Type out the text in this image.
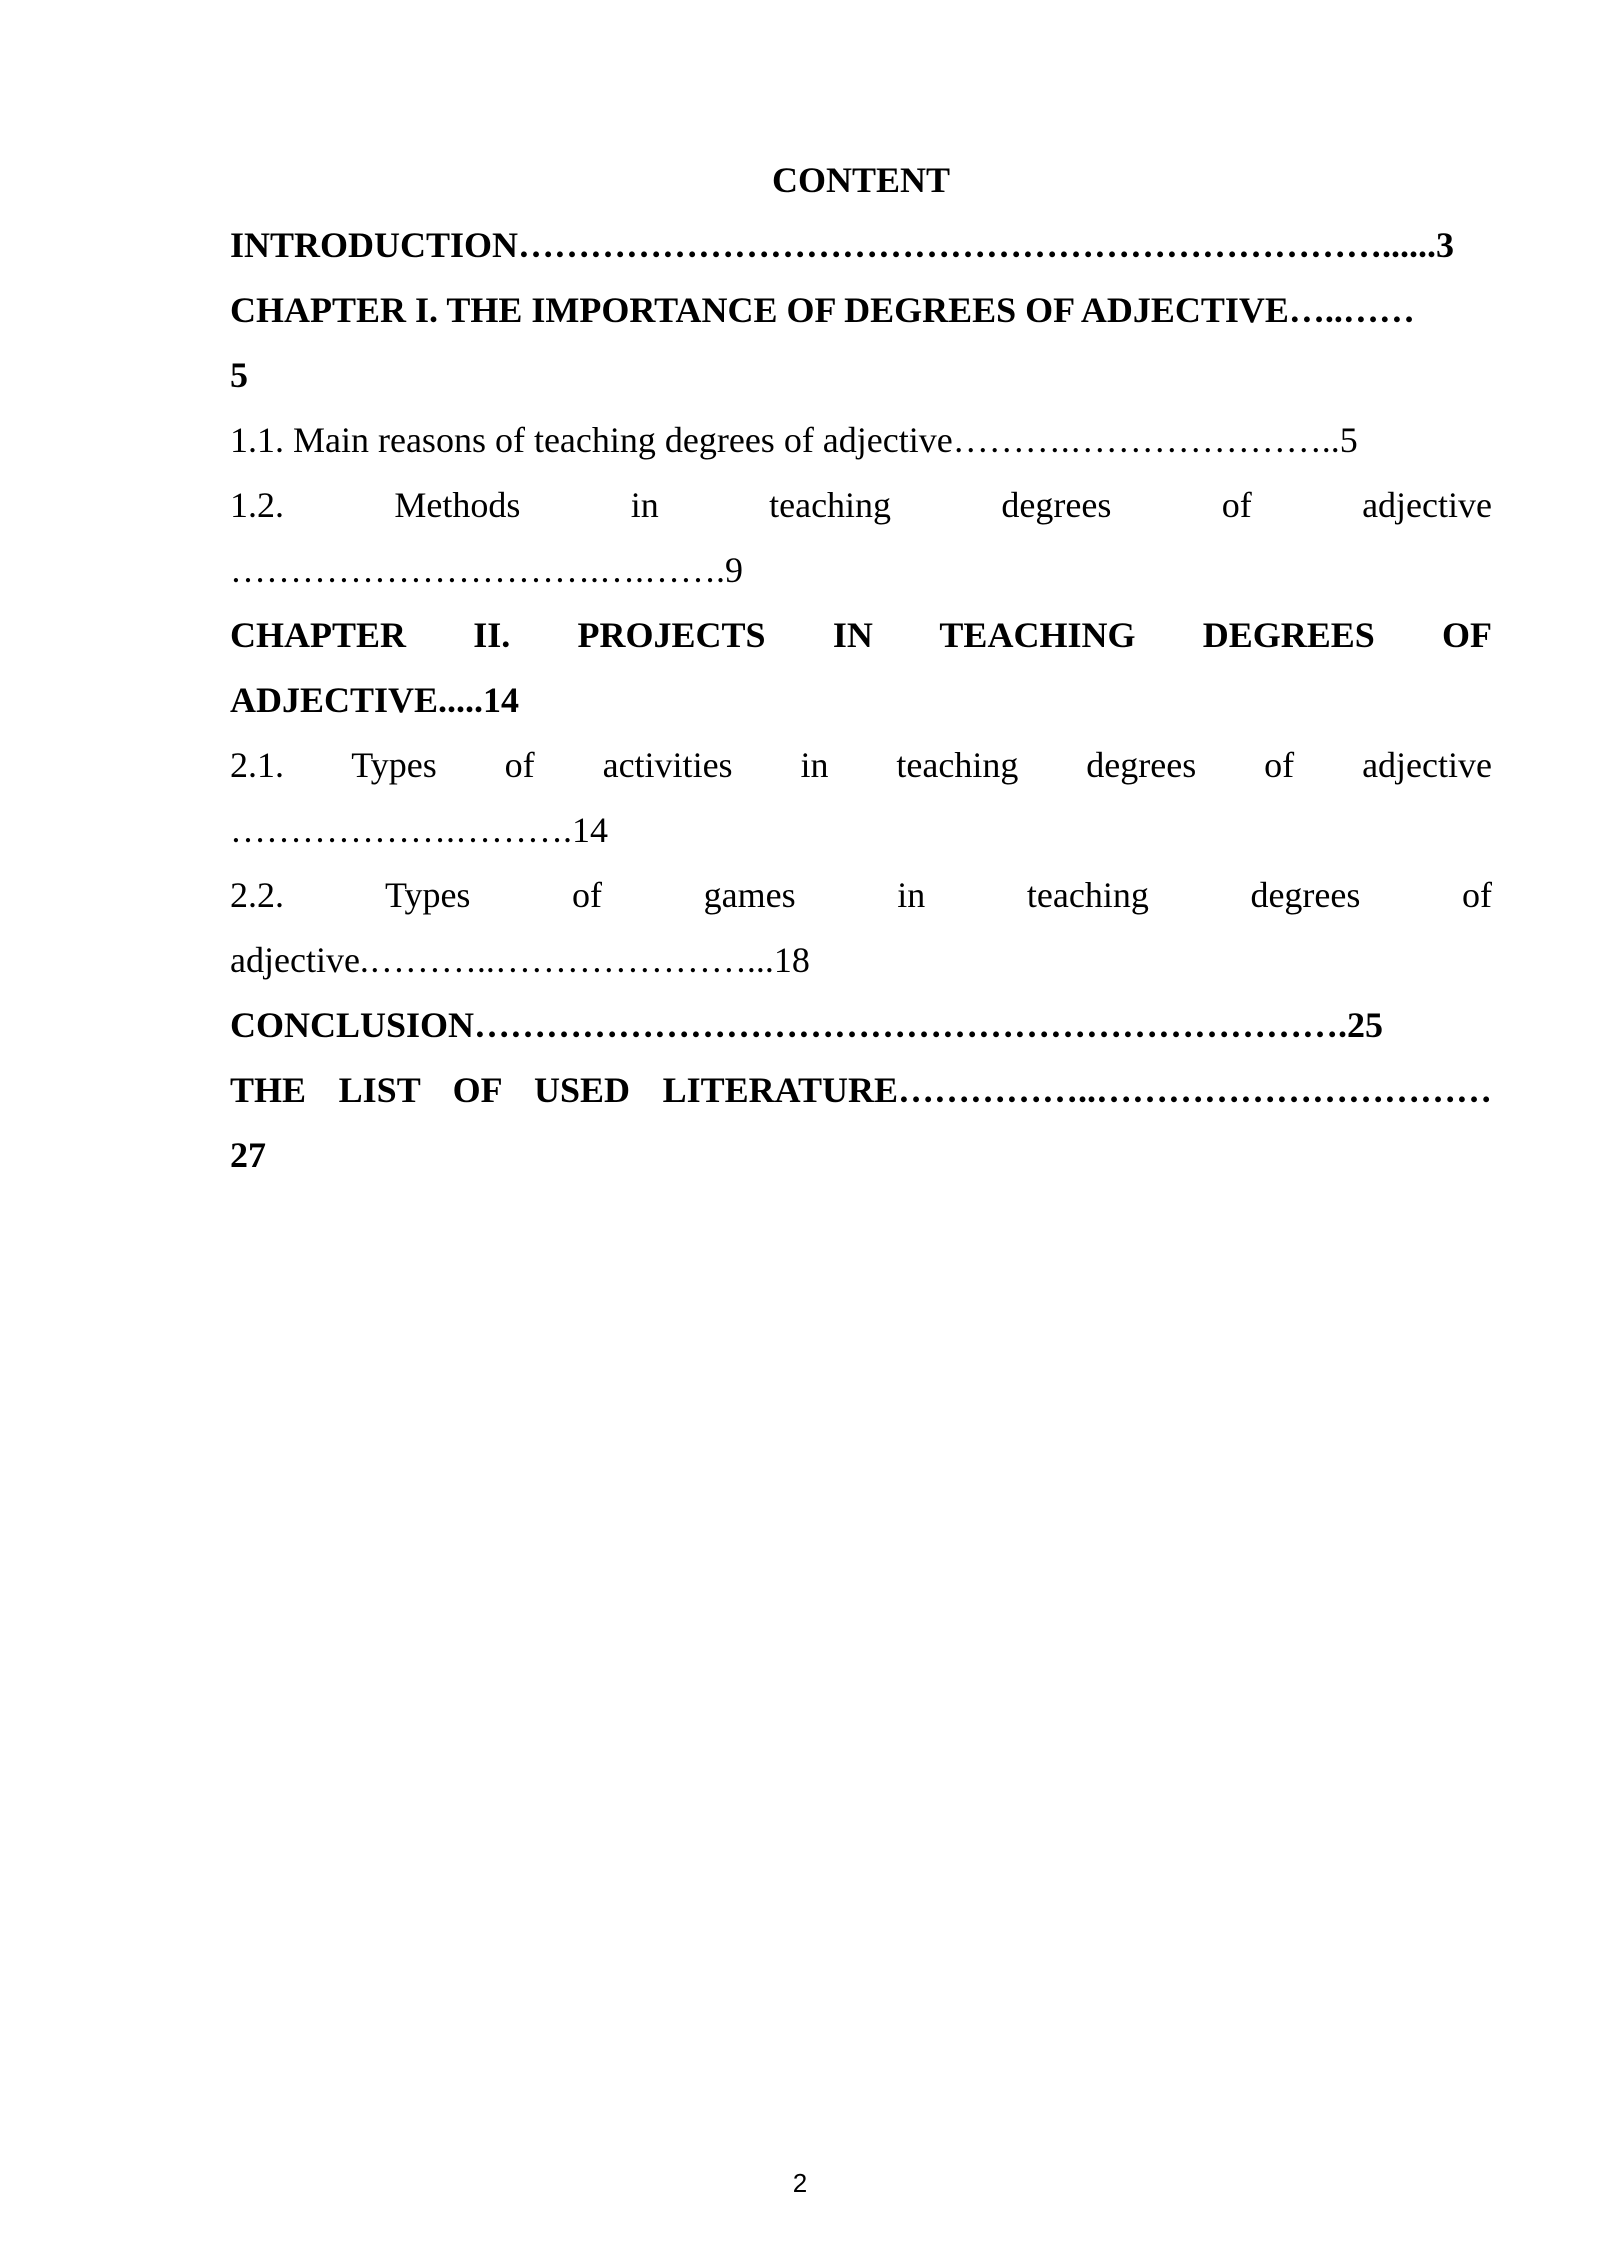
CONTENT
INTRODUCTION………………………………………………………………......3
CHAPTER I. THE IMPORTANCE OF DEGREES OF ADJECTIVE…..……
5
1.1. Main reasons of teaching degrees of adjective……….…………………..5
1.2. Methods in teaching degrees of adjective
………………………….….…….9
CHAPTER II. PROJECTS IN TEACHING DEGREES OF
ADJECTIVE.....14
2.1. Types of activities in teaching degrees of adjective
……………….……….14
2.2. Types of games in teaching degrees of
adjective.………..…………………...18
CONCLUSION……………………………………………………………….25
THE LIST OF USED LITERATURE……………..……………………………
27
2
